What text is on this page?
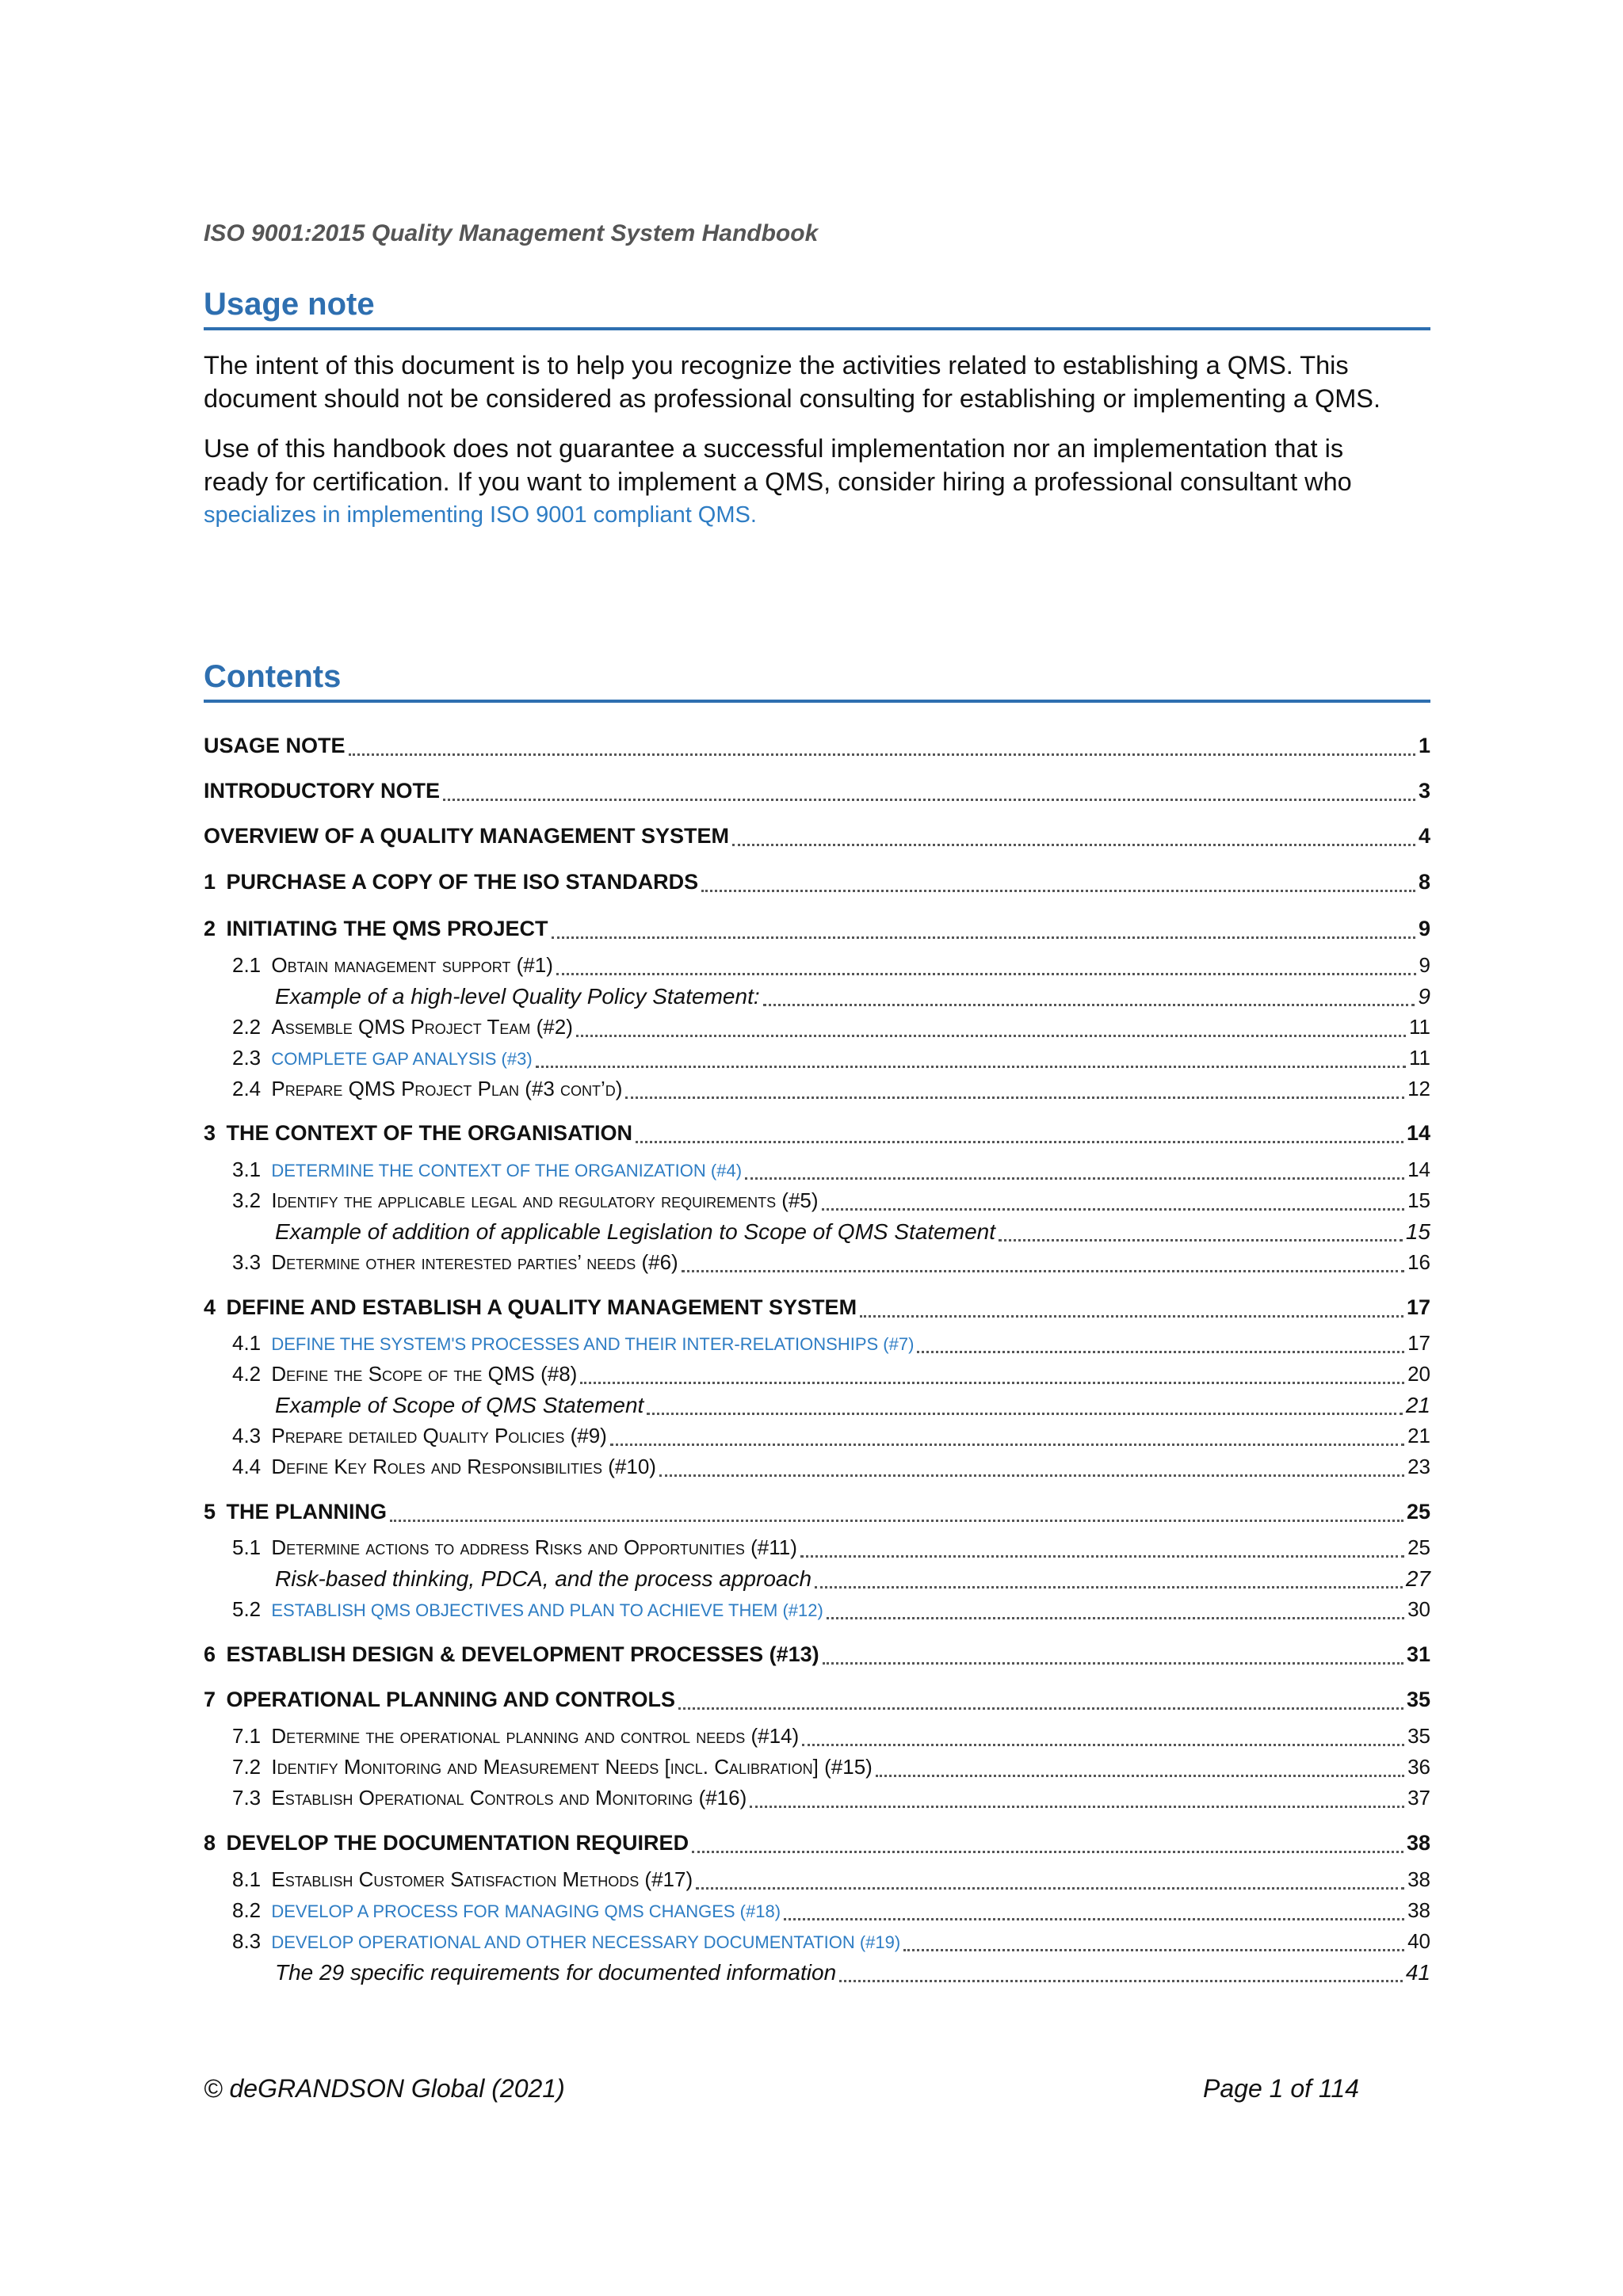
ISO 9001:2015 Quality Management System Handbook
Usage note
The intent of this document is to help you recognize the activities related to establishing a QMS. This
document should not be considered as professional consulting for establishing or implementing a QMS.
Use of this handbook does not guarantee a successful implementation nor an implementation that is
ready for certification. If you want to implement a QMS, consider hiring a professional consultant who
specializes in implementing ISO 9001 compliant QMS.
Contents
USAGE NOTE	1
INTRODUCTORY NOTE	3
OVERVIEW OF A QUALITY MANAGEMENT SYSTEM	4
1 PURCHASE A COPY OF THE ISO STANDARDS	8
2 INITIATING THE QMS PROJECT	9
2.1 Obtain management support (#1)	9
Example of a high-level Quality Policy Statement:	9
2.2 Assemble QMS Project Team (#2)	11
2.3 COMPLETE GAP ANALYSIS (#3)	11
2.4 Prepare QMS Project Plan (#3 cont’d)	12
3 THE CONTEXT OF THE ORGANISATION	14
3.1 DETERMINE THE CONTEXT OF THE ORGANIZATION (#4)	14
3.2 Identify the applicable legal and regulatory requirements (#5)	15
Example of addition of applicable Legislation to Scope of QMS Statement	15
3.3 Determine other interested parties’ needs (#6)	16
4 DEFINE AND ESTABLISH A QUALITY MANAGEMENT SYSTEM	17
4.1 DEFINE THE SYSTEM'S PROCESSES AND THEIR INTER-RELATIONSHIPS (#7)	17
4.2 Define the Scope of the QMS (#8)	20
Example of Scope of QMS Statement	21
4.3 Prepare detailed Quality Policies (#9)	21
4.4 Define Key Roles and Responsibilities (#10)	23
5 THE PLANNING	25
5.1 Determine actions to address Risks and Opportunities (#11)	25
Risk-based thinking, PDCA, and the process approach	27
5.2 ESTABLISH QMS OBJECTIVES AND PLAN TO ACHIEVE THEM (#12)	30
6 ESTABLISH DESIGN & DEVELOPMENT PROCESSES (#13)	31
7 OPERATIONAL PLANNING AND CONTROLS	35
7.1 Determine the operational planning and control needs (#14)	35
7.2 Identify Monitoring and Measurement Needs [incl. Calibration] (#15)	36
7.3 Establish Operational Controls and Monitoring (#16)	37
8 DEVELOP THE DOCUMENTATION REQUIRED	38
8.1 Establish Customer Satisfaction Methods (#17)	38
8.2 DEVELOP A PROCESS FOR MANAGING QMS CHANGES (#18)	38
8.3 DEVELOP OPERATIONAL AND OTHER NECESSARY DOCUMENTATION (#19)	40
The 29 specific requirements for documented information	41
© deGRANDSON Global (2021)	Page 1 of 114
